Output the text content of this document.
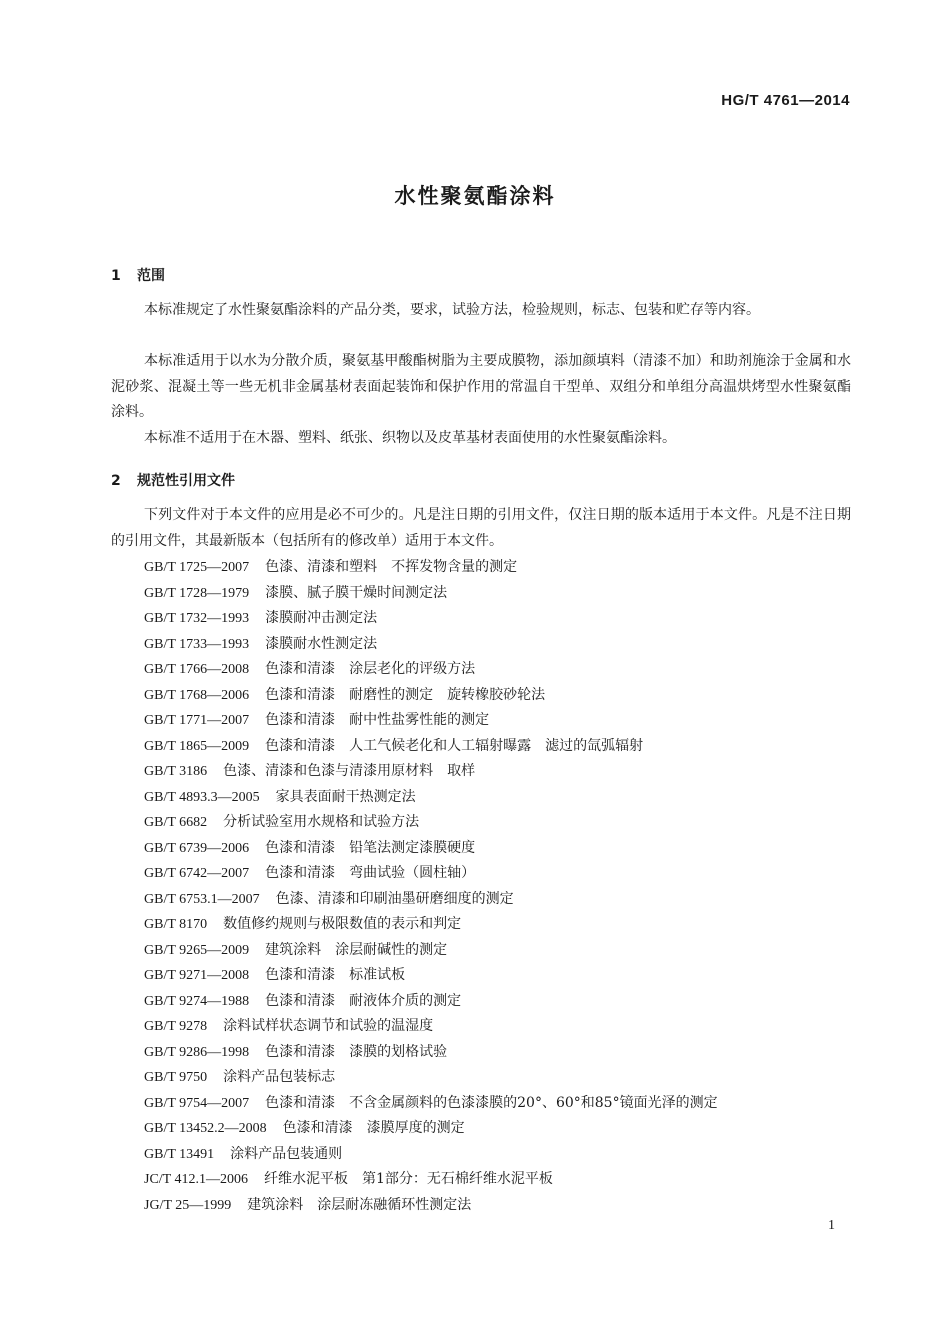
HG/T 4761—2014
水性聚氨酯涂料
1 范围

本标准规定了水性聚氨酯涂料的产品分类，要求，试验方法，检验规则，标志、包装和贮存等内容。

本标准适用于以水为分散介质，聚氨基甲酸酯树脂为主要成膜物，添加颜填料（清漆不加）和助剂施涂于金属和水泥砂浆、混凝土等一些无机非金属基材表面起装饰和保护作用的常温自干型单、双组分和单组分高温烘烤型水性聚氨酯涂料。

本标准不适用于在木器、塑料、纸张、织物以及皮革基材表面使用的水性聚氨酯涂料。

2 规范性引用文件

下列文件对于本文件的应用是必不可少的。凡是注日期的引用文件，仅注日期的版本适用于本文件。凡是不注日期的引用文件，其最新版本（包括所有的修改单）适用于本文件。

GB/T 1725—2007 色漆、清漆和塑料　不挥发物含量的测定
GB/T 1728—1979 漆膜、腻子膜干燥时间测定法
GB/T 1732—1993 漆膜耐冲击测定法
GB/T 1733—1993 漆膜耐水性测定法
GB/T 1766—2008 色漆和清漆　涂层老化的评级方法
GB/T 1768—2006 色漆和清漆　耐磨性的测定　旋转橡胶砂轮法
GB/T 1771—2007 色漆和清漆　耐中性盐雾性能的测定
GB/T 1865—2009 色漆和清漆　人工气候老化和人工辐射曝露　滤过的氙弧辐射
GB/T 3186 色漆、清漆和色漆与清漆用原材料　取样
GB/T 4893.3—2005 家具表面耐干热测定法
GB/T 6682 分析试验室用水规格和试验方法
GB/T 6739—2006 色漆和清漆　铅笔法测定漆膜硬度
GB/T 6742—2007 色漆和清漆　弯曲试验（圆柱轴）
GB/T 6753.1—2007 色漆、清漆和印刷油墨研磨细度的测定
GB/T 8170 数值修约规则与极限数值的表示和判定
GB/T 9265—2009 建筑涂料　涂层耐碱性的测定
GB/T 9271—2008 色漆和清漆　标准试板
GB/T 9274—1988 色漆和清漆　耐液体介质的测定
GB/T 9278 涂料试样状态调节和试验的温湿度
GB/T 9286—1998 色漆和清漆　漆膜的划格试验
GB/T 9750 涂料产品包装标志
GB/T 9754—2007 色漆和清漆　不含金属颜料的色漆漆膜的20°、60°和85°镜面光泽的测定
GB/T 13452.2—2008 色漆和清漆　漆膜厚度的测定
GB/T 13491 涂料产品包装通则
JC/T 412.1—2006 纤维水泥平板　第1部分：无石棉纤维水泥平板
JG/T 25—1999 建筑涂料　涂层耐冻融循环性测定法
1
